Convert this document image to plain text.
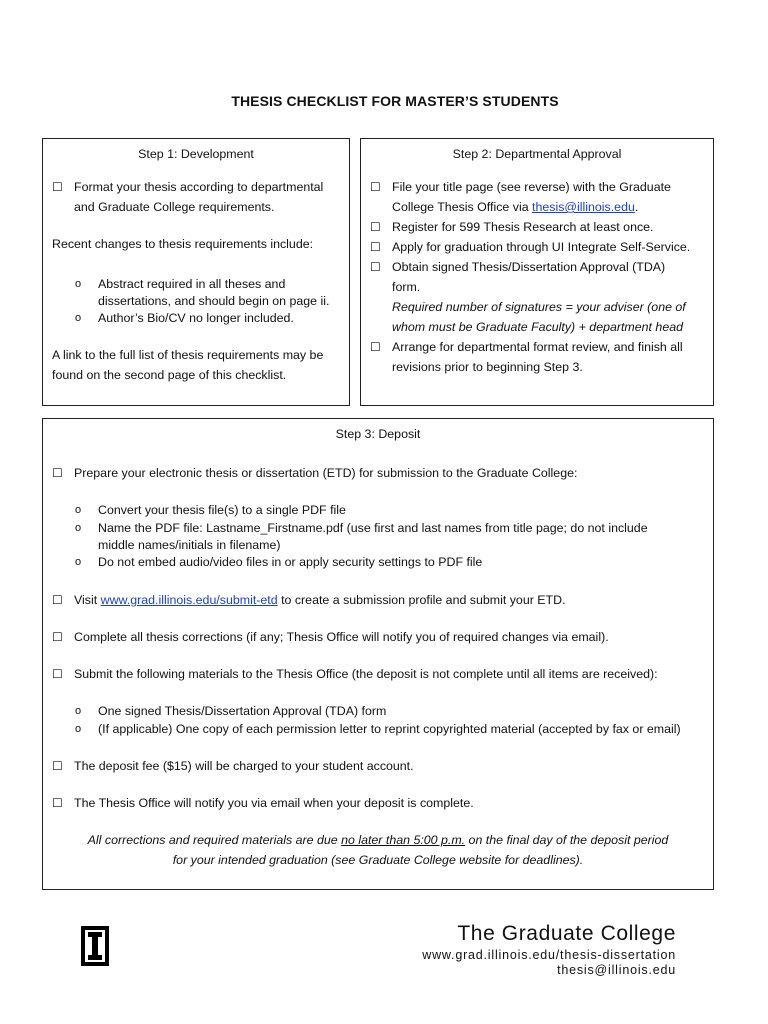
THESIS CHECKLIST FOR MASTER’S STUDENTS
Step 1: Development
☐ Format your thesis according to departmental
and Graduate College requirements.
Recent changes to thesis requirements include:
o Abstract required in all theses and
dissertations, and should begin on page ii.
o Author’s Bio/CV no longer included.
A link to the full list of thesis requirements may be
found on the second page of this checklist.
Step 2: Departmental Approval
☐ File your title page (see reverse) with the Graduate
College Thesis Office via thesis@illinois.edu.
☐ Register for 599 Thesis Research at least once.
☐ Apply for graduation through UI Integrate Self-Service.
☐ Obtain signed Thesis/Dissertation Approval (TDA)
form.
Required number of signatures = your adviser (one of
whom must be Graduate Faculty) + department head
☐ Arrange for departmental format review, and finish all
revisions prior to beginning Step 3.
Step 3: Deposit
☐ Prepare your electronic thesis or dissertation (ETD) for submission to the Graduate College:
o Convert your thesis file(s) to a single PDF file
o Name the PDF file: Lastname_Firstname.pdf (use first and last names from title page; do not include
middle names/initials in filename)
o Do not embed audio/video files in or apply security settings to PDF file
☐ Visit www.grad.illinois.edu/submit-etd to create a submission profile and submit your ETD.
☐ Complete all thesis corrections (if any; Thesis Office will notify you of required changes via email).
☐ Submit the following materials to the Thesis Office (the deposit is not complete until all items are received):
o One signed Thesis/Dissertation Approval (TDA) form
o (If applicable) One copy of each permission letter to reprint copyrighted material (accepted by fax or email)
☐ The deposit fee ($15) will be charged to your student account.
☐ The Thesis Office will notify you via email when your deposit is complete.
All corrections and required materials are due no later than 5:00 p.m. on the final day of the deposit period
for your intended graduation (see Graduate College website for deadlines).
The Graduate College
www.grad.illinois.edu/thesis-dissertation
thesis@illinois.edu
